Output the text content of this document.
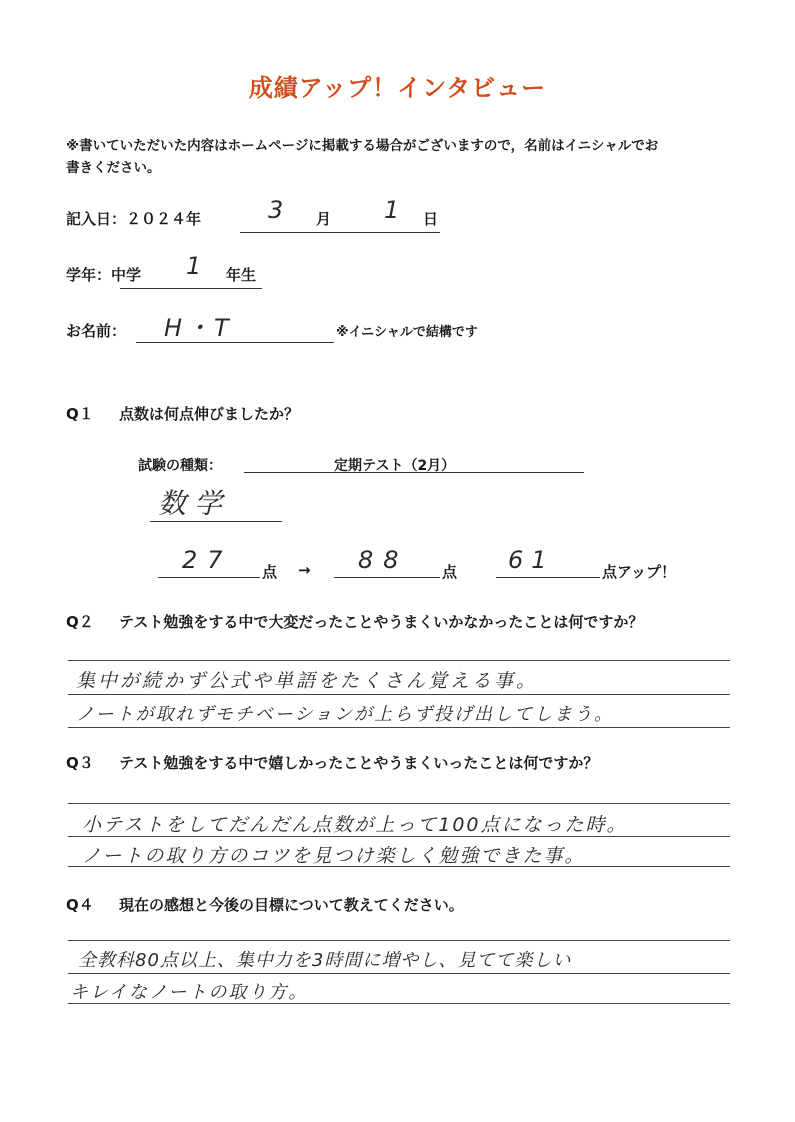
成績アップ！インタビュー
※書いていただいた内容はホームページに掲載する場合がございますので，名前はイニシャルでお
書きください。
記入日：２０２４年	3 月 1 日
学年：中学 1 年生
お名前： H・T	※イニシャルで結構です
Q１ 点数は何点伸びましたか？
試験の種類：	定期テスト（2月）
数学
27 点 → 88 点 61	点アップ！
Q２ テスト勉強をする中で大変だったことやうまくいかなかったことは何ですか？
集中が続かず公式や単語をたくさん覚える事。
ノートが取れずモチベーションが上らず投げ出してしまう。
Q３ テスト勉強をする中で嬉しかったことやうまくいったことは何ですか？
小テストをしてだんだん点数が上って100点になった時。
ノートの取り方のコツを見つけ楽しく勉強できた事。
Q４ 現在の感想と今後の目標について教えてください。
全教科80点以上、集中力を3時間に増やし、見てて楽しい
キレイなノートの取り方。
